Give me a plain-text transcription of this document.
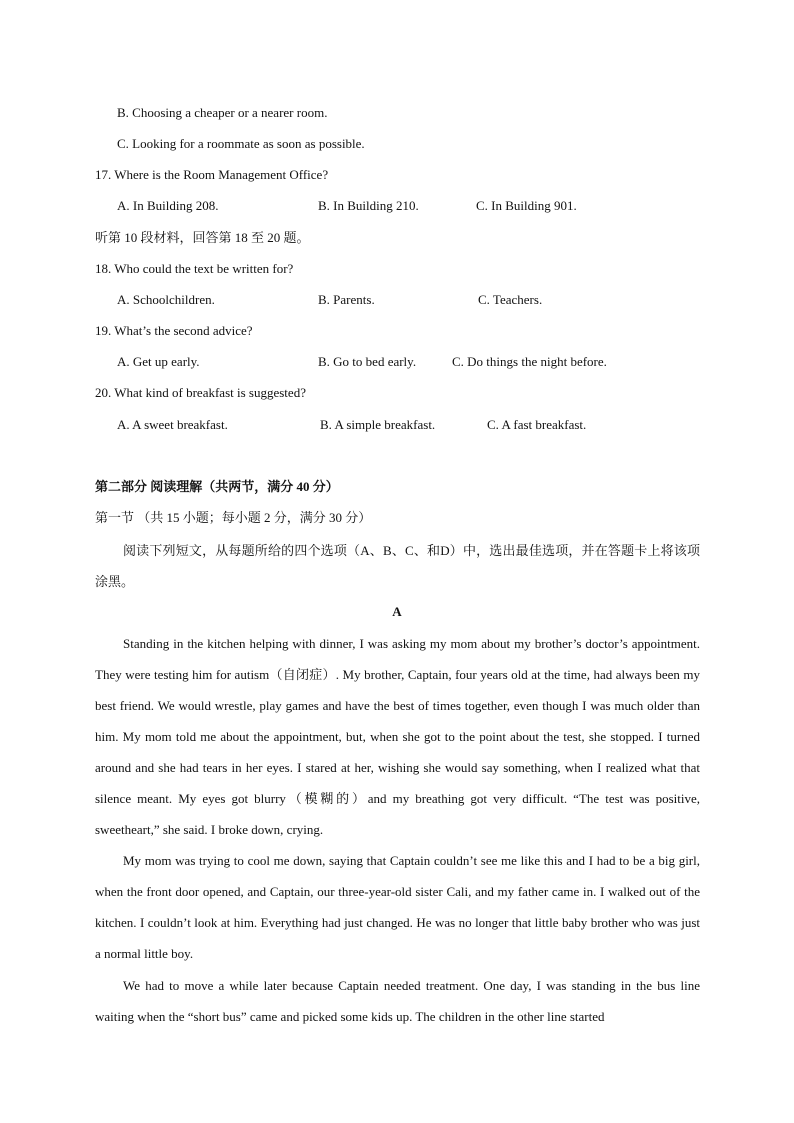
B. Choosing a cheaper or a nearer room.
C. Looking for a roommate as soon as possible.
17. Where is the Room Management Office?
A. In Building 208.	B. In Building 210.	C. In Building 901.
听第 10 段材料，回答第 18 至 20 题。
18. Who could the text be written for?
A. Schoolchildren.	B. Parents.	C. Teachers.
19. What’s the second advice?
A. Get up early.	B. Go to bed early.	C. Do things the night before.
20. What kind of breakfast is suggested?
A. A sweet breakfast.	B. A simple breakfast.	C. A fast breakfast.
第二部分 阅读理解（共两节，满分 40 分）
第一节 （共 15 小题；每小题 2 分，满分 30 分）
阅读下列短文，从每题所给的四个选项（A、B、C、和D）中，选出最佳选项，并在答题卡上将该项涂黑。
A
Standing in the kitchen helping with dinner, I was asking my mom about my brother’s doctor’s appointment. They were testing him for autism（自闭症）. My brother, Captain, four years old at the time, had always been my best friend. We would wrestle, play games and have the best of times together, even though I was much older than him. My mom told me about the appointment, but, when she got to the point about the test, she stopped. I turned around and she had tears in her eyes. I stared at her, wishing she would say something, when I realized what that silence meant. My eyes got blurry（模糊的）and my breathing got very difficult. “The test was positive, sweetheart,” she said. I broke down, crying.
My mom was trying to cool me down, saying that Captain couldn’t see me like this and I had to be a big girl, when the front door opened, and Captain, our three-year-old sister Cali, and my father came in. I walked out of the kitchen. I couldn’t look at him. Everything had just changed. He was no longer that little baby brother who was just a normal little boy.
We had to move a while later because Captain needed treatment. One day, I was standing in the bus line waiting when the “short bus” came and picked some kids up. The children in the other line started
